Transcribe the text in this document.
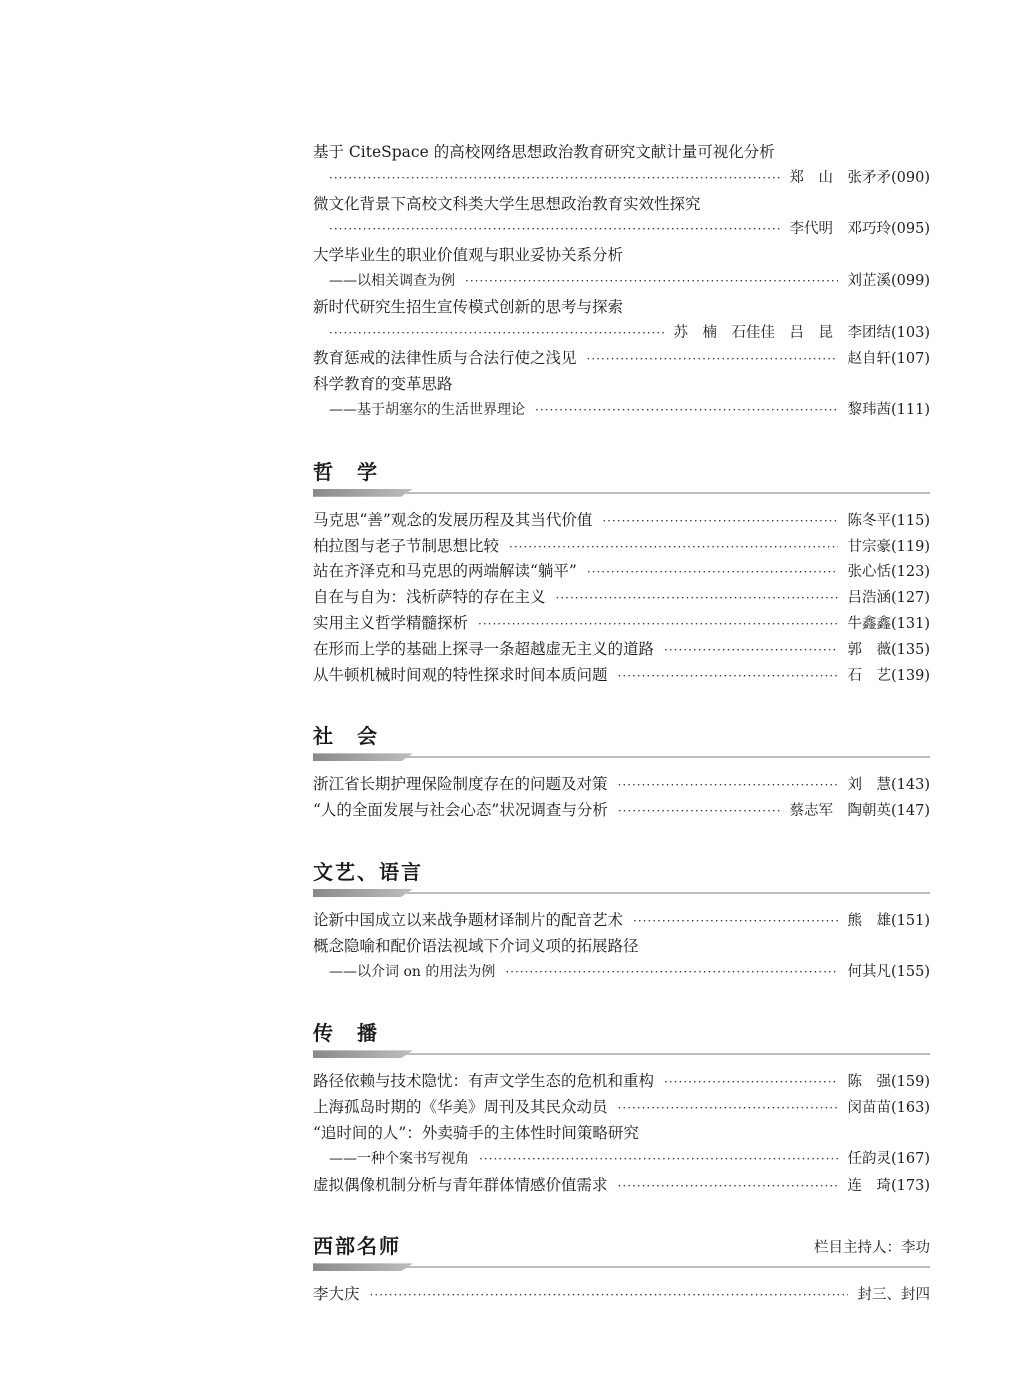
基于 CiteSpace 的高校网络思想政治教育研究文献计量可视化分析
·····
郑　山　张矛矛(090)
微文化背景下高校文科类大学生思想政治教育实效性探究
·····
李代明　邓巧玲(095)
大学毕业生的职业价值观与职业妥协关系分析
——以相关调查为例 ·····	刘芷溪(099)
新时代研究生招生宣传模式创新的思考与探索
·····
苏　楠　石佳佳　吕　昆　李团结(103)
教育惩戒的法律性质与合法行使之浅见 ·····	赵自轩(107)
科学教育的变革思路
——基于胡塞尔的生活世界理论 ·····	黎玮茜(111)
哲　学
马克思“善”观念的发展历程及其当代价值 ·····	陈冬平(115)
柏拉图与老子节制思想比较 ·····	甘宗豪(119)
站在齐泽克和马克思的两端解读“躺平” ·····	张心恬(123)
自在与自为：浅析萨特的存在主义 ·····	吕浩涵(127)
实用主义哲学精髓探析 ·····	牛鑫鑫(131)
在形而上学的基础上探寻一条超越虚无主义的道路 ·····	郭　薇(135)
从牛顿机械时间观的特性探求时间本质问题 ·····	石　艺(139)
社　会
浙江省长期护理保险制度存在的问题及对策 ·····	刘　慧(143)
“人的全面发展与社会心态”状况调查与分析 ·····	蔡志军　陶朝英(147)
文艺、语言
论新中国成立以来战争题材译制片的配音艺术 ·····	熊　雄(151)
概念隐喻和配价语法视域下介词义项的拓展路径
——以介词 on 的用法为例 ·····	何其凡(155)
传　播
路径依赖与技术隐忧：有声文学生态的危机和重构 ·····	陈　强(159)
上海孤岛时期的《华美》周刊及其民众动员 ·····	闵苗苗(163)
“追时间的人”：外卖骑手的主体性时间策略研究
——一种个案书写视角 ·····	任韵灵(167)
虚拟偶像机制分析与青年群体情感价值需求 ·····	连　琦(173)
西部名师	栏目主持人：李功
李大庆 ·····	封三、封四
